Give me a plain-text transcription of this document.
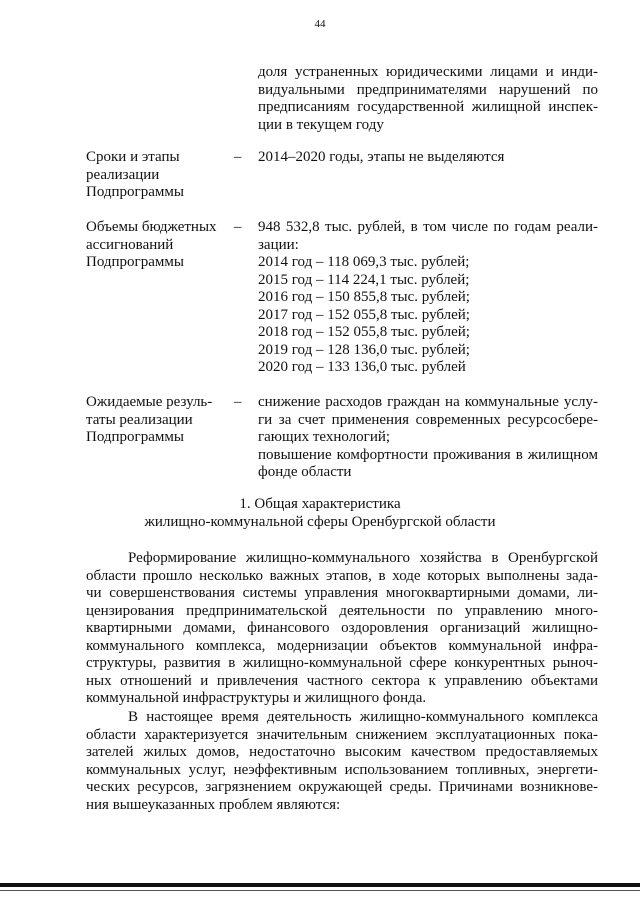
44
доля устраненных юридическими лицами и инди-
видуальными предпринимателями нарушений по
предписаниям государственной жилищной инспек-
ции в текущем году
Сроки и этапы
реализации
Подпрограммы
–	2014–2020 годы, этапы не выделяются
Объемы бюджетных
ассигнований
Подпрограммы
–	948 532,8 тыс. рублей, в том числе по годам реали-
зации:
2014 год – 118 069,3 тыс. рублей;
2015 год – 114 224,1 тыс. рублей;
2016 год – 150 855,8 тыс. рублей;
2017 год – 152 055,8 тыс. рублей;
2018 год – 152 055,8 тыс. рублей;
2019 год – 128 136,0 тыс. рублей;
2020 год – 133 136,0 тыс. рублей
Ожидаемые резуль-
таты реализации
Подпрограммы
–	снижение расходов граждан на коммунальные услу-
ги за счет применения современных ресурсосбере-
гающих технологий;
повышение комфортности проживания в жилищном
фонде области
1. Общая характеристика
жилищно-коммунальной сферы Оренбургской области
Реформирование жилищно-коммунального хозяйства в Оренбургской
области прошло несколько важных этапов, в ходе которых выполнены зада-
чи совершенствования системы управления многоквартирными домами, ли-
цензирования предпринимательской деятельности по управлению много-
квартирными домами, финансового оздоровления организаций жилищно-
коммунального комплекса, модернизации объектов коммунальной инфра-
структуры, развития в жилищно-коммунальной сфере конкурентных рыноч-
ных отношений и привлечения частного сектора к управлению объектами
коммунальной инфраструктуры и жилищного фонда.
В настоящее время деятельность жилищно-коммунального комплекса
области характеризуется значительным снижением эксплуатационных пока-
зателей жилых домов, недостаточно высоким качеством предоставляемых
коммунальных услуг, неэффективным использованием топливных, энергети-
ческих ресурсов, загрязнением окружающей среды. Причинами возникнове-
ния вышеуказанных проблем являются:
